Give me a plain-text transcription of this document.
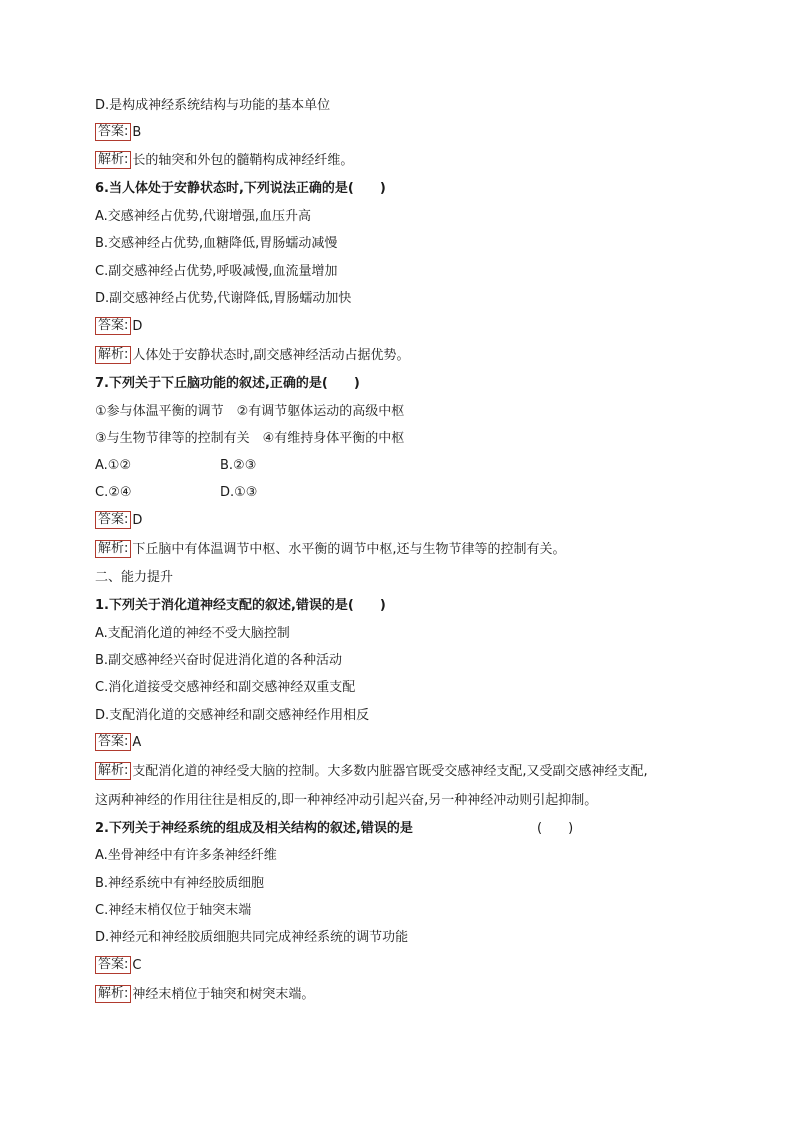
D.是构成神经系统结构与功能的基本单位
答案: B
解析: 长的轴突和外包的髓鞘构成神经纤维。
6.当人体处于安静状态时,下列说法正确的是(　　)
A.交感神经占优势,代谢增强,血压升高
B.交感神经占优势,血糖降低,胃肠蠕动减慢
C.副交感神经占优势,呼吸减慢,血流量增加
D.副交感神经占优势,代谢降低,胃肠蠕动加快
答案: D
解析: 人体处于安静状态时,副交感神经活动占据优势。
7.下列关于下丘脑功能的叙述,正确的是(　　)
①参与体温平衡的调节　②有调节躯体运动的高级中枢
③与生物节律等的控制有关　④有维持身体平衡的中枢
A.①②	B.②③
C.②④	D.①③
答案: D
解析: 下丘脑中有体温调节中枢、水平衡的调节中枢,还与生物节律等的控制有关。
二、能力提升
1.下列关于消化道神经支配的叙述,错误的是(　　)
A.支配消化道的神经不受大脑控制
B.副交感神经兴奋时促进消化道的各种活动
C.消化道接受交感神经和副交感神经双重支配
D.支配消化道的交感神经和副交感神经作用相反
答案: A
解析: 支配消化道的神经受大脑的控制。大多数内脏器官既受交感神经支配,又受副交感神经支配,
这两种神经的作用往往是相反的,即一种神经冲动引起兴奋,另一种神经冲动则引起抑制。
2.下列关于神经系统的组成及相关结构的叙述,错误的是	(　　)
A.坐骨神经中有许多条神经纤维
B.神经系统中有神经胶质细胞
C.神经末梢仅位于轴突末端
D.神经元和神经胶质细胞共同完成神经系统的调节功能
答案: C
解析: 神经末梢位于轴突和树突末端。
